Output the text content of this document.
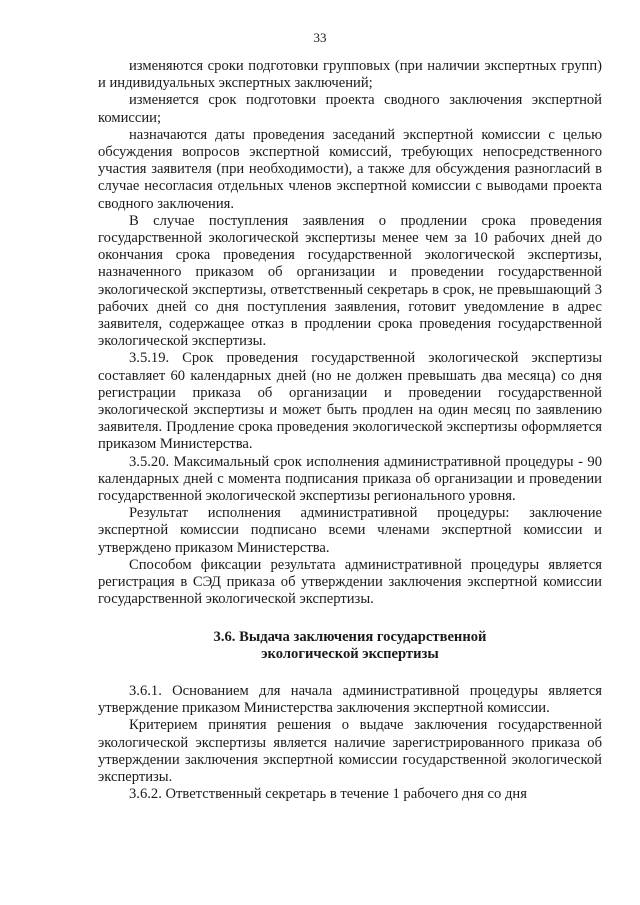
33

изменяются сроки подготовки групповых (при наличии экспертных групп) и индивидуальных экспертных заключений;

изменяется срок подготовки проекта сводного заключения экспертной комиссии;

назначаются даты проведения заседаний экспертной комиссии с целью обсуждения вопросов экспертной комиссий, требующих непосредственного участия заявителя (при необходимости), а также для обсуждения разногласий в случае несогласия отдельных членов экспертной комиссии с выводами проекта сводного заключения.

В случае поступления заявления о продлении срока проведения государственной экологической экспертизы менее чем за 10 рабочих дней до окончания срока проведения государственной экологической экспертизы, назначенного приказом об организации и проведении государственной экологической экспертизы, ответственный секретарь в срок, не превышающий 3 рабочих дней со дня поступления заявления, готовит уведомление в адрес заявителя, содержащее отказ в продлении срока проведения государственной экологической экспертизы.

3.5.19. Срок проведения государственной экологической экспертизы составляет 60 календарных дней (но не должен превышать два месяца) со дня регистрации приказа об организации и проведении государственной экологической экспертизы и может быть продлен на один месяц по заявлению заявителя. Продление срока проведения экологической экспертизы оформляется приказом Министерства.

3.5.20. Максимальный срок исполнения административной процедуры - 90 календарных дней с момента подписания приказа об организации и проведении государственной экологической экспертизы регионального уровня.

Результат исполнения административной процедуры: заключение экспертной комиссии подписано всеми членами экспертной комиссии и утверждено приказом Министерства.

Способом фиксации результата административной процедуры является регистрация в СЭД приказа об утверждении заключения экспертной комиссии государственной экологической экспертизы.

3.6. Выдача заключения государственной
экологической экспертизы

3.6.1. Основанием для начала административной процедуры является утверждение приказом Министерства заключения экспертной комиссии.

Критерием принятия решения о выдаче заключения государственной экологической экспертизы является наличие зарегистрированного приказа об утверждении заключения экспертной комиссии государственной экологической экспертизы.

3.6.2. Ответственный секретарь в течение 1 рабочего дня со дня
